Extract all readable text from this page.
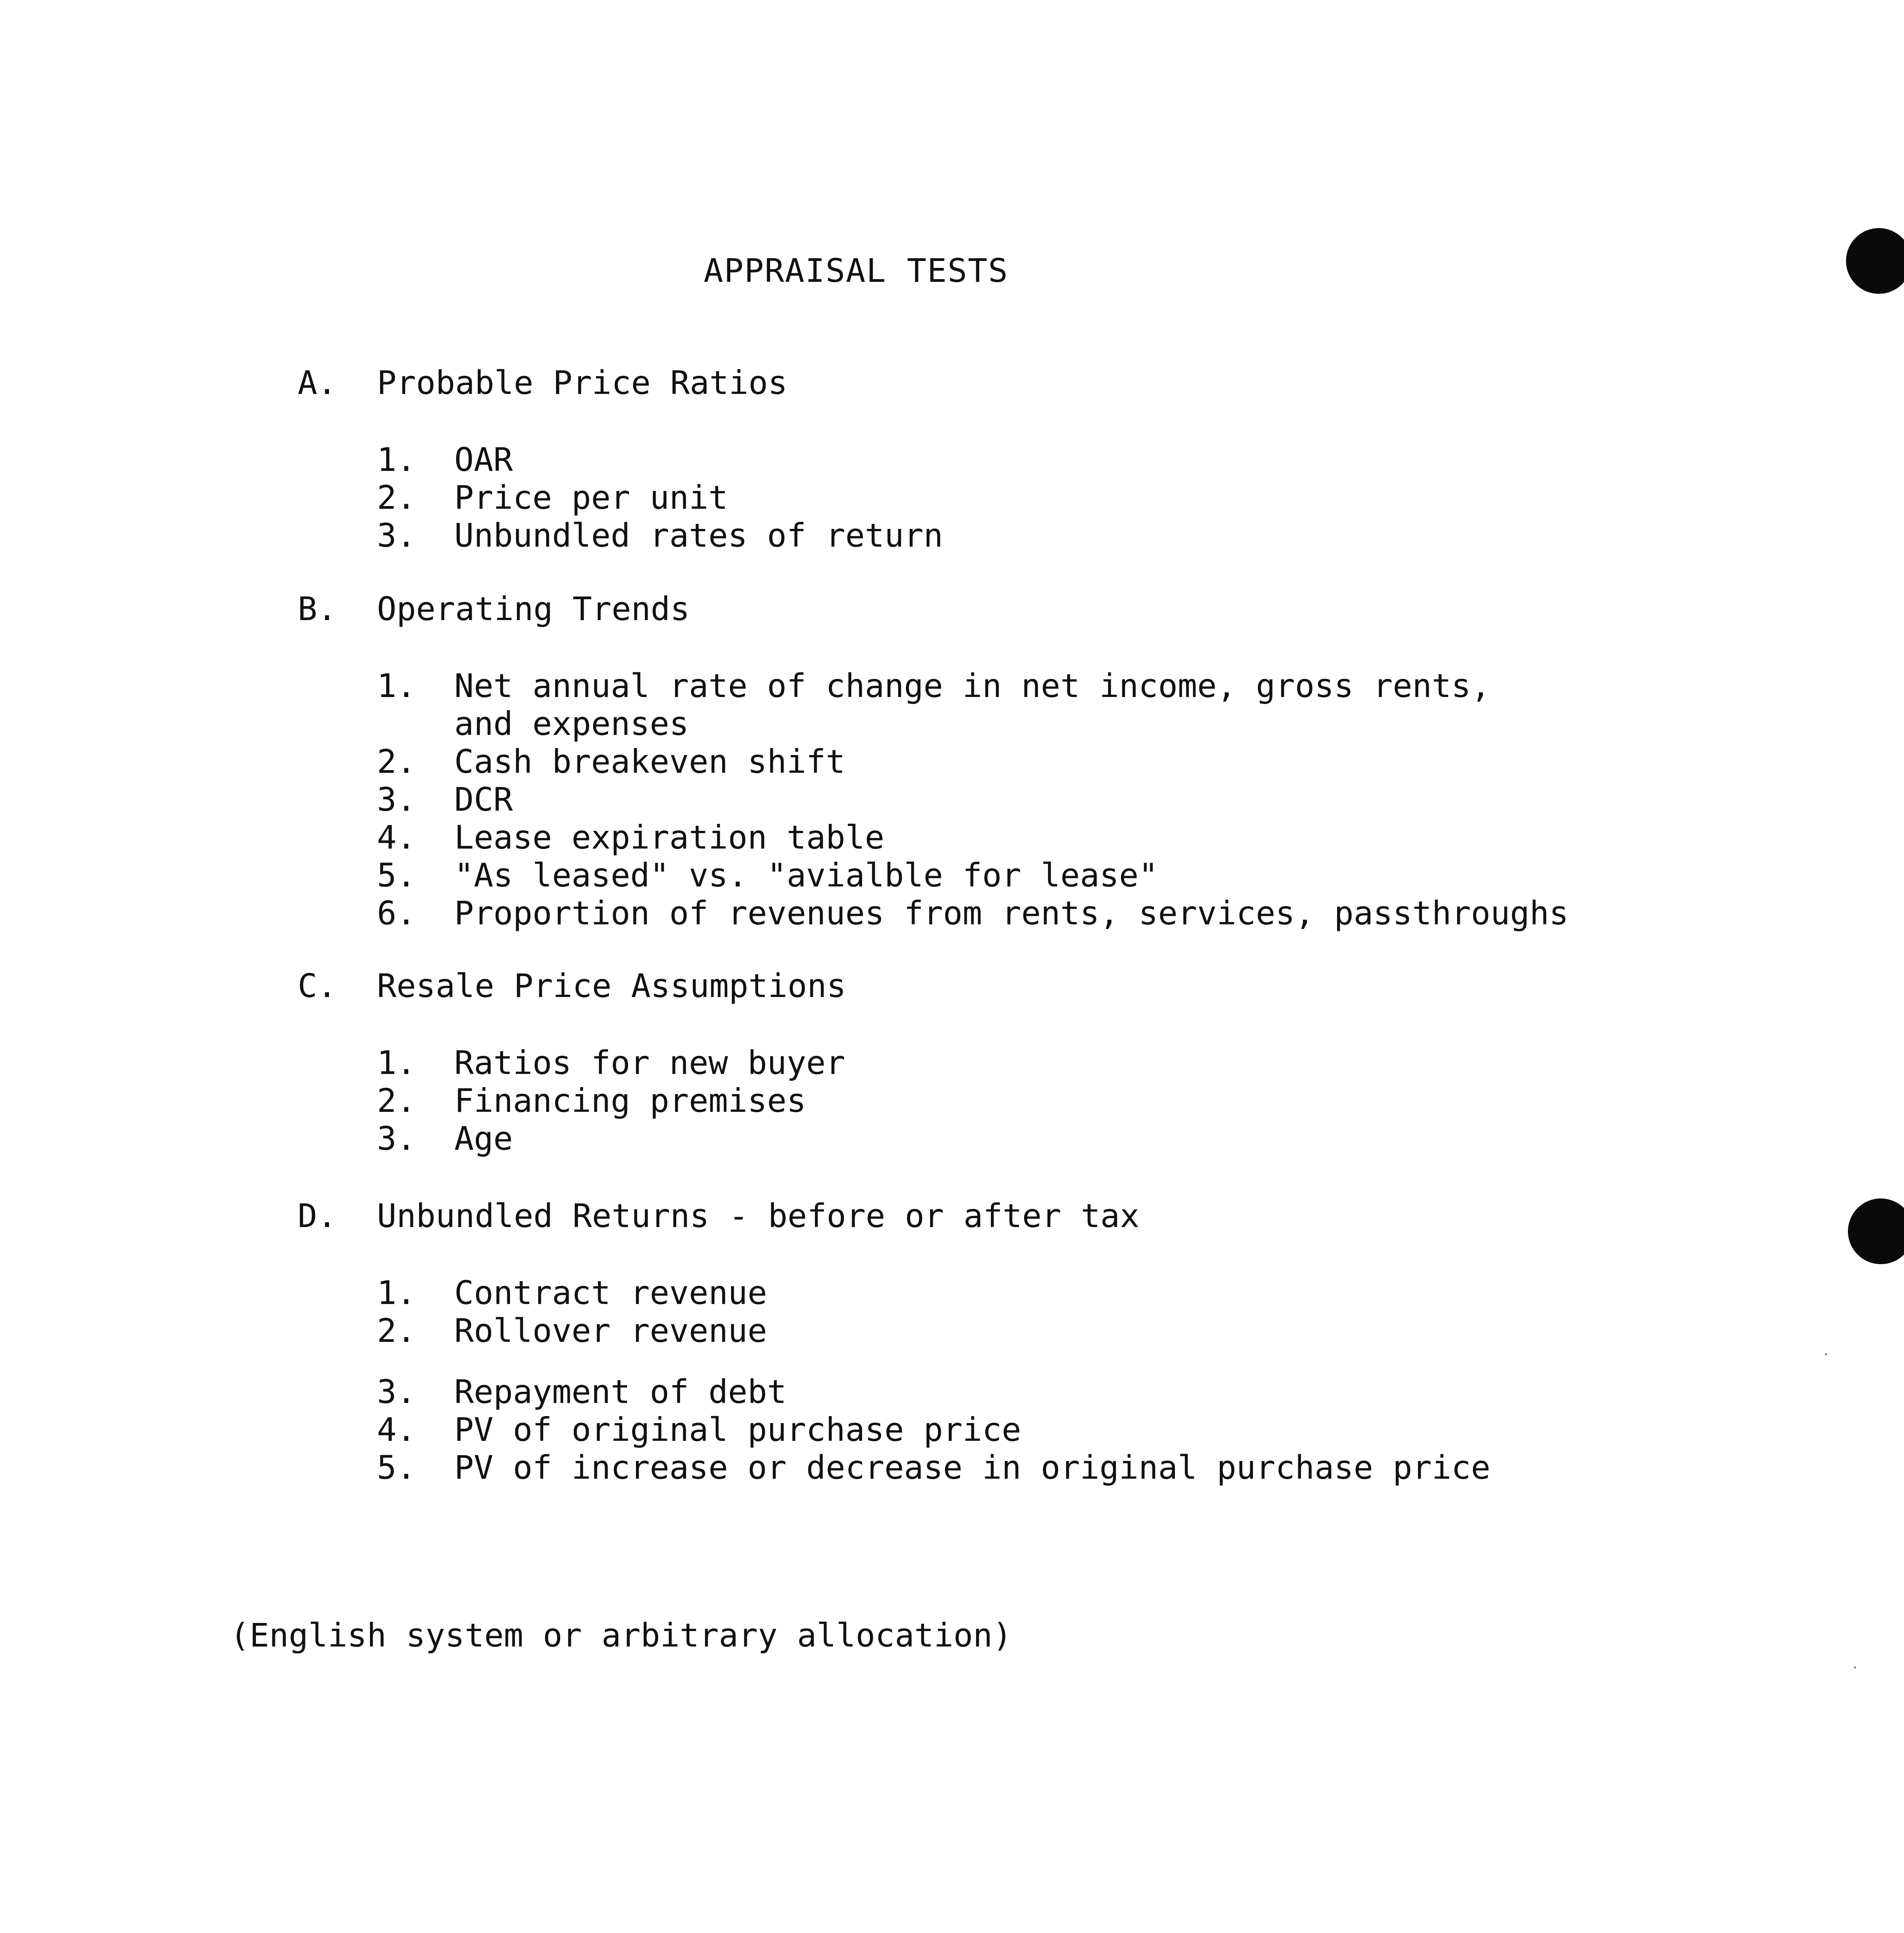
APPRAISAL TESTS
A.	Probable Price Ratios
1.	OAR
2.	Price per unit
3.	Unbundled rates of return
B.	Operating Trends
1.	Net annual rate of change in net income, gross rents,
and expenses
2.	Cash breakeven shift
3.	DCR
4.	Lease expiration table
5.	"As leased" vs. "avialble for lease"
6.	Proportion of revenues from rents, services, passthroughs
C.	Resale Price Assumptions
1.	Ratios for new buyer
2.	Financing premises
3.	Age
D.	Unbundled Returns - before or after tax
1.	Contract revenue
2.	Rollover revenue
3.	Repayment of debt
4.	PV of original purchase price
5.	PV of increase or decrease in original purchase price
(English system or arbitrary allocation)
